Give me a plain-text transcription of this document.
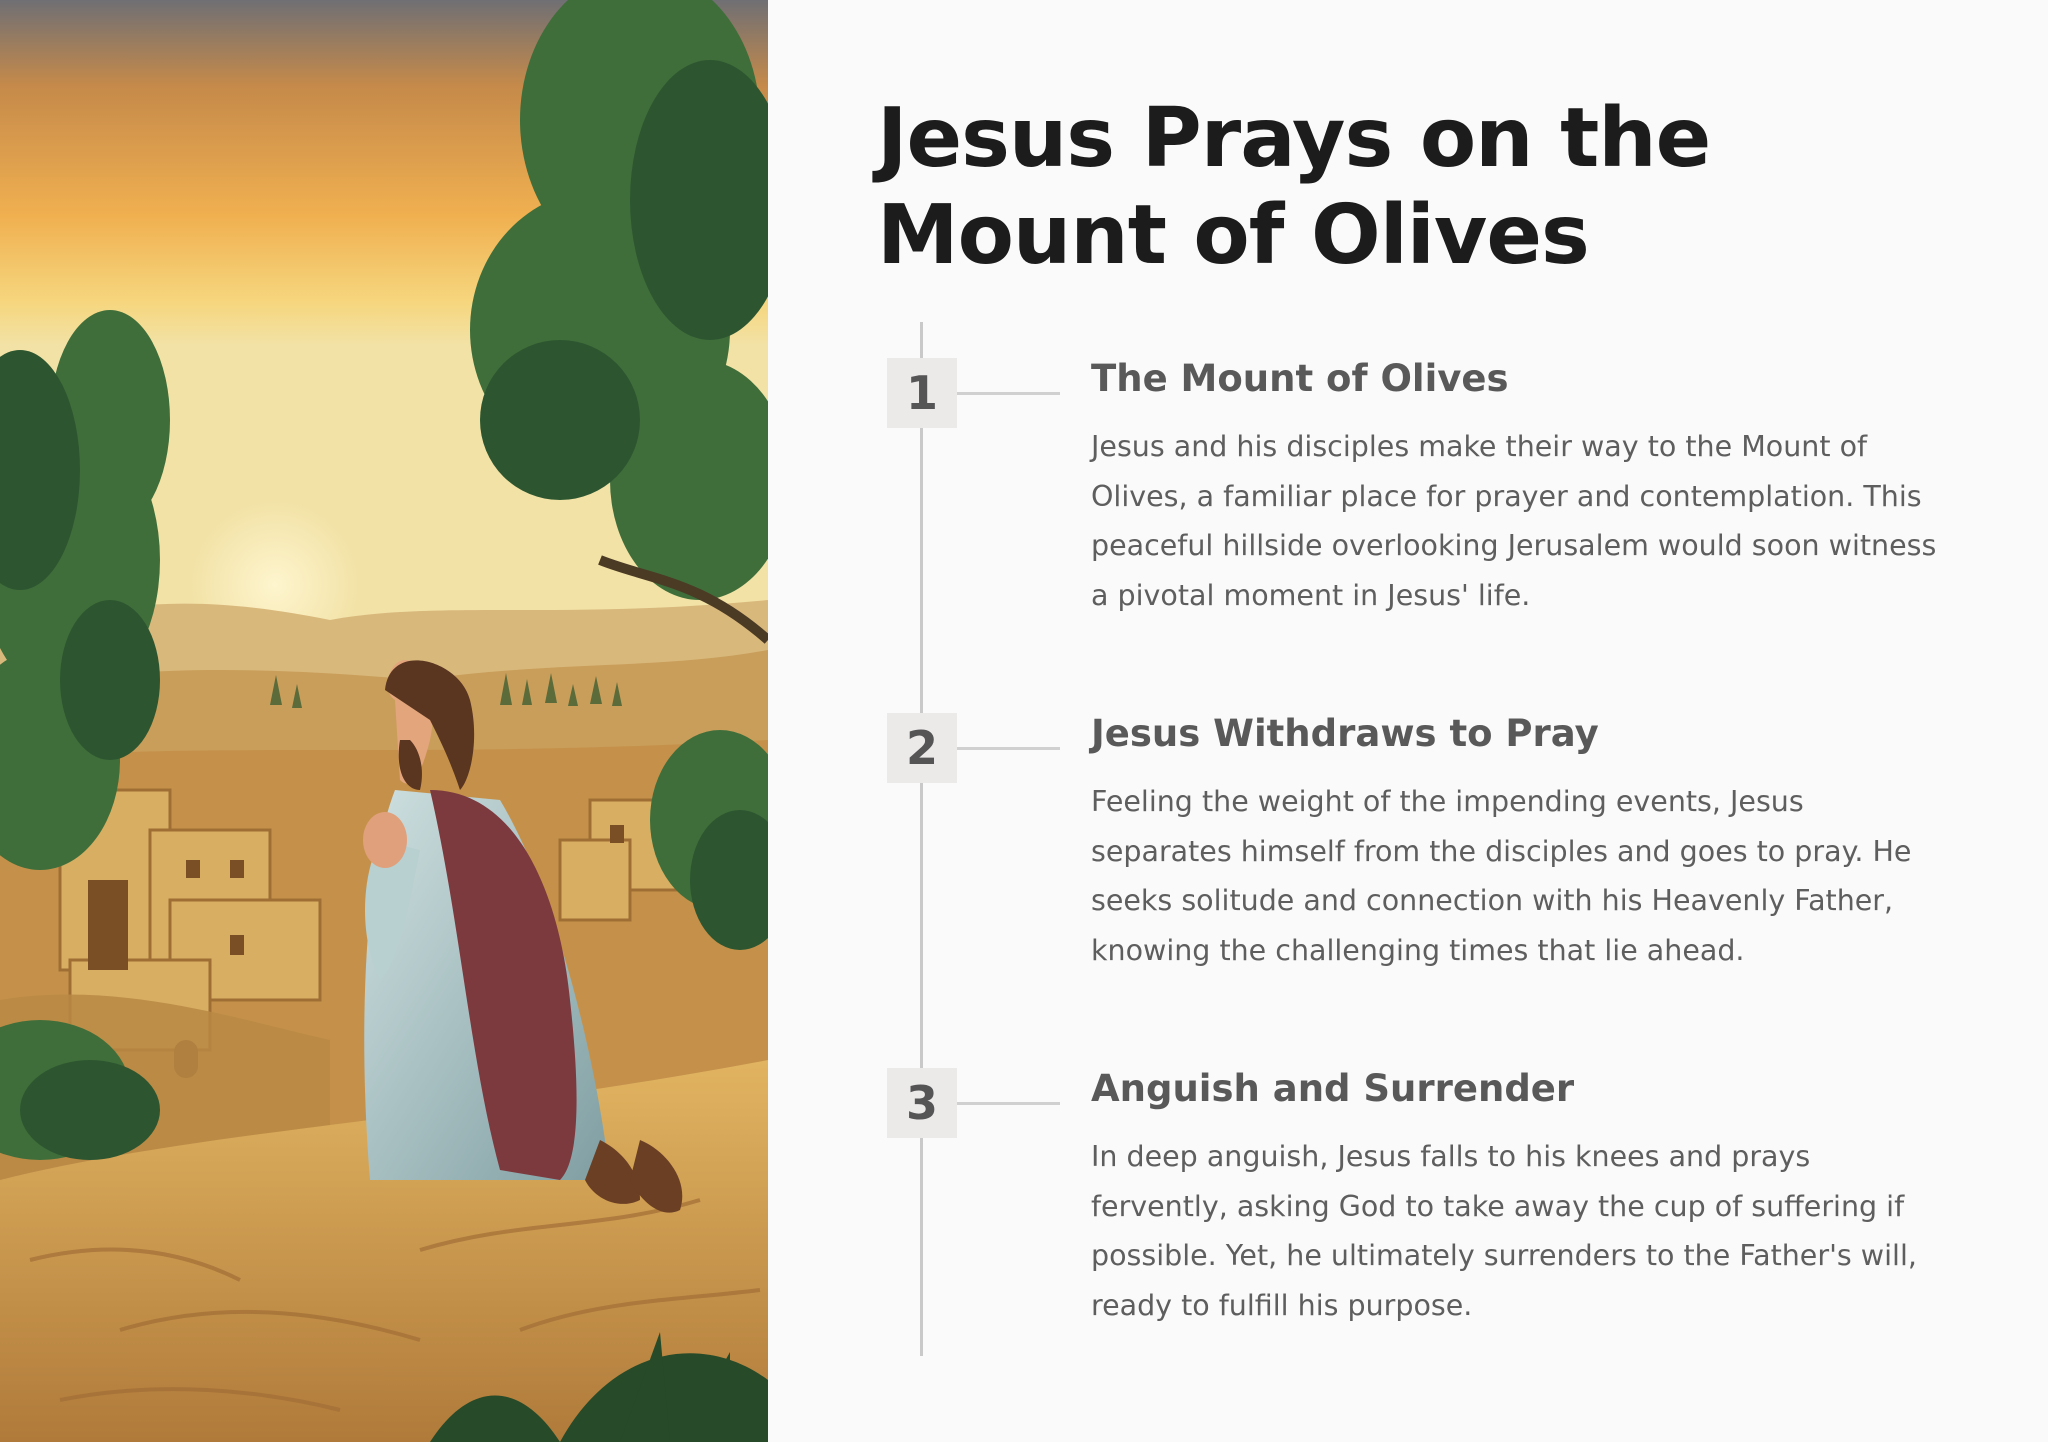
Jesus Prays on the Mount of Olives
1	The Mount of Olives

Jesus and his disciples make their way to the Mount of Olives, a familiar place for prayer and contemplation. This peaceful hillside overlooking Jerusalem would soon witness a pivotal moment in Jesus' life.

2	Jesus Withdraws to Pray

Feeling the weight of the impending events, Jesus separates himself from the disciples and goes to pray. He seeks solitude and connection with his Heavenly Father, knowing the challenging times that lie ahead.

3	Anguish and Surrender

In deep anguish, Jesus falls to his knees and prays fervently, asking God to take away the cup of suffering if possible. Yet, he ultimately surrenders to the Father's will, ready to fulfill his purpose.
